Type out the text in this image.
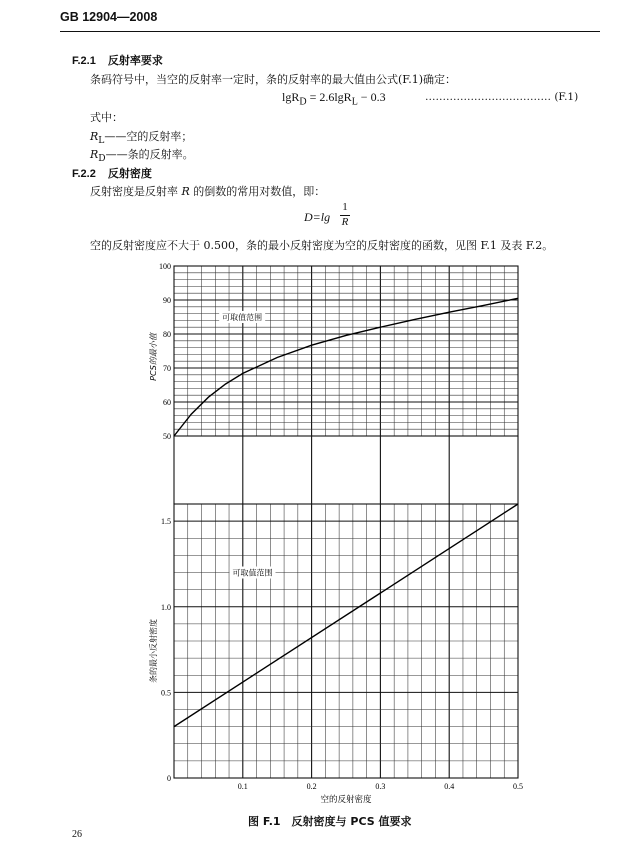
GB 12904—2008
F.2.1 反射率要求
条码符号中，当空的反射率一定时，条的反射率的最大值由公式(F.1)确定：
lgR$_D$ = 2.6lgR$_L$ − 0.3	……………………………… (F.1)
式中：
$R_L——$空的反射率；
$R_D——$条的反射率。
F.2.2 反射密度
反射密度是反射率 R 的倒数的常用对数值，即：
D=lg
1
R
空的反射密度应不大于 0.500，条的最小反射密度为空的反射密度的函数，见图 F.1 及表 F.2。
50
60
70
80
90
100
0
0.5
1.0
1.5
0.1	0.2	0.3	0.4	0.5
PCS的最小值
条的最小反射密度
空的反射密度
可取值范围
可取值范围
图 F.1　反射密度与 PCS 值要求
26
